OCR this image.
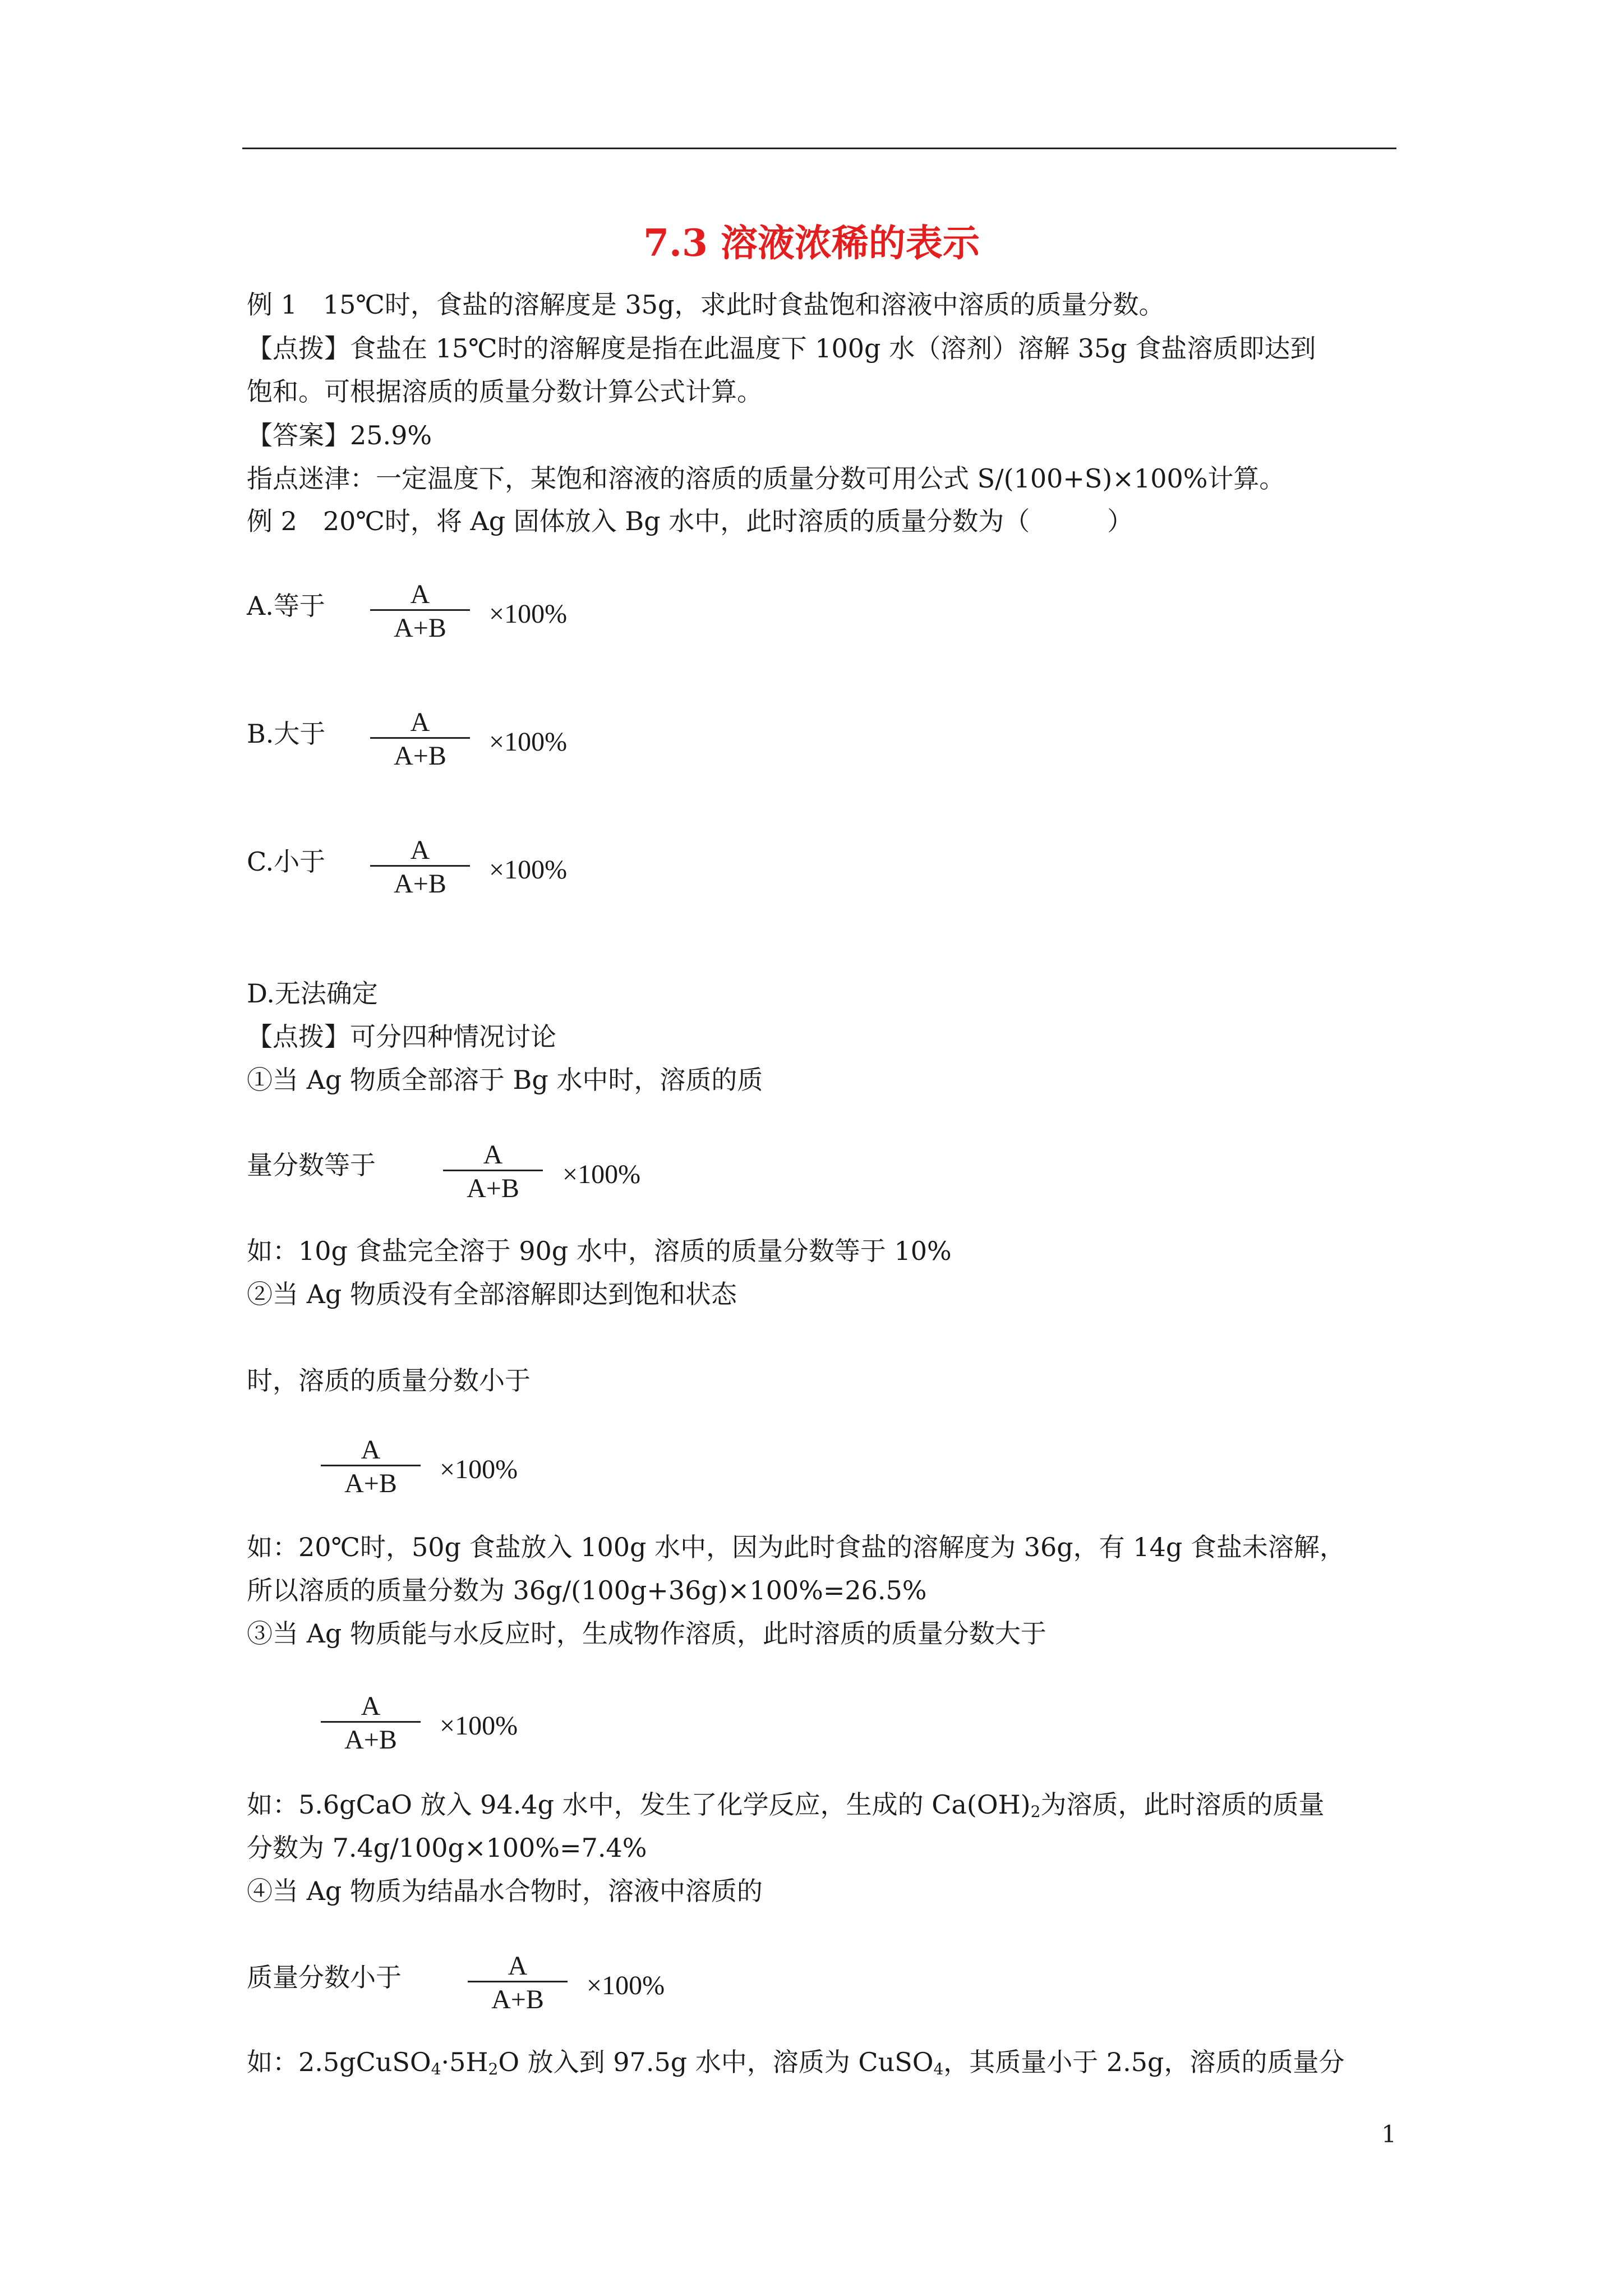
7.3 溶液浓稀的表示
例 1　15℃时，食盐的溶解度是 35g，求此时食盐饱和溶液中溶质的质量分数。
【点拨】食盐在 15℃时的溶解度是指在此温度下 100g 水（溶剂）溶解 35g 食盐溶质即达到
饱和。可根据溶质的质量分数计算公式计算。
【答案】25.9%
指点迷津：一定温度下，某饱和溶液的溶质的质量分数可用公式 S/(100+S)×100%计算。
例 2　20℃时，将 Ag 固体放入 Bg 水中，此时溶质的质量分数为（　　　）
A.等于	A
A+B	×100%
B.大于	A
A+B	×100%
C.小于	A
A+B	×100%
D.无法确定
【点拨】可分四种情况讨论
①当 Ag 物质全部溶于 Bg 水中时，溶质的质
量分数等于	A
A+B	×100%
如：10g 食盐完全溶于 90g 水中，溶质的质量分数等于 10%
②当 Ag 物质没有全部溶解即达到饱和状态
时，溶质的质量分数小于
A
A+B	×100%
如：20℃时，50g 食盐放入 100g 水中，因为此时食盐的溶解度为 36g，有 14g 食盐未溶解，
所以溶质的质量分数为 36g/(100g+36g)×100%=26.5%
③当 Ag 物质能与水反应时，生成物作溶质，此时溶质的质量分数大于
A
A+B	×100%
如：5.6gCaO 放入 94.4g 水中，发生了化学反应，生成的 $Ca(OH)_2$为溶质，此时溶质的质量
分数为 7.4g/100g×100%=7.4%
④当 Ag 物质为结晶水合物时，溶液中溶质的
质量分数小于	A
A+B	×100%
如：$2.5gCuSO_4\cdot 5H_2O$ 放入到 97.5g 水中，溶质为 CuSO$_4$，其质量小于 2.5g，溶质的质量分
1
